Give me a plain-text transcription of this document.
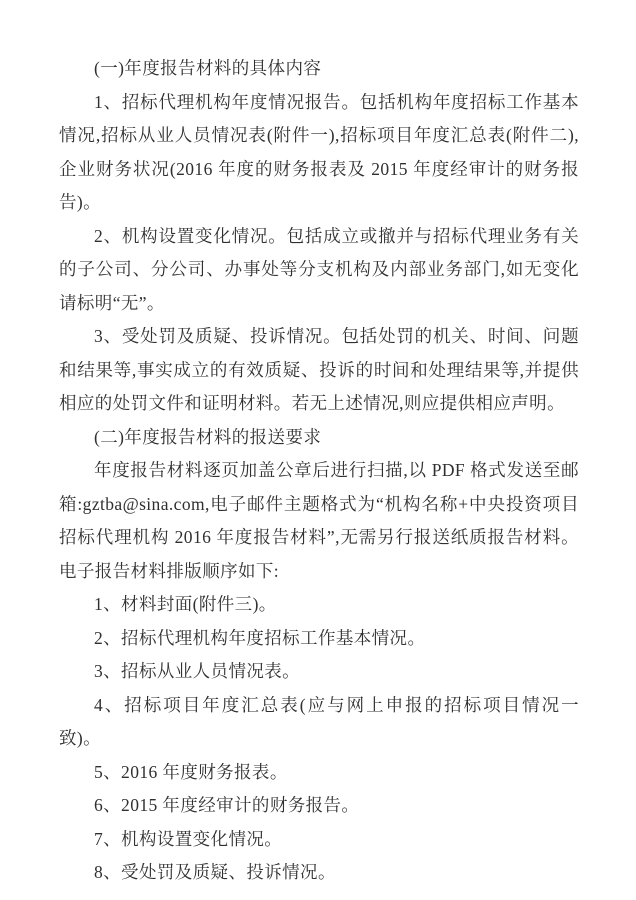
(一)年度报告材料的具体内容

1、招标代理机构年度情况报告。包括机构年度招标工作基本情况,招标从业人员情况表(附件一),招标项目年度汇总表(附件二),企业财务状况(2016 年度的财务报表及 2015 年度经审计的财务报告)。

2、机构设置变化情况。包括成立或撤并与招标代理业务有关的子公司、分公司、办事处等分支机构及内部业务部门,如无变化请标明“无”。

3、受处罚及质疑、投诉情况。包括处罚的机关、时间、问题和结果等,事实成立的有效质疑、投诉的时间和处理结果等,并提供相应的处罚文件和证明材料。若无上述情况,则应提供相应声明。

(二)年度报告材料的报送要求

年度报告材料逐页加盖公章后进行扫描,以 PDF 格式发送至邮箱:gztba@sina.com,电子邮件主题格式为“机构名称+中央投资项目招标代理机构 2016 年度报告材料”,无需另行报送纸质报告材料。电子报告材料排版顺序如下:

1、材料封面(附件三)。

2、招标代理机构年度招标工作基本情况。

3、招标从业人员情况表。

4、招标项目年度汇总表(应与网上申报的招标项目情况一致)。

5、2016 年度财务报表。

6、2015 年度经审计的财务报告。

7、机构设置变化情况。

8、受处罚及质疑、投诉情况。
